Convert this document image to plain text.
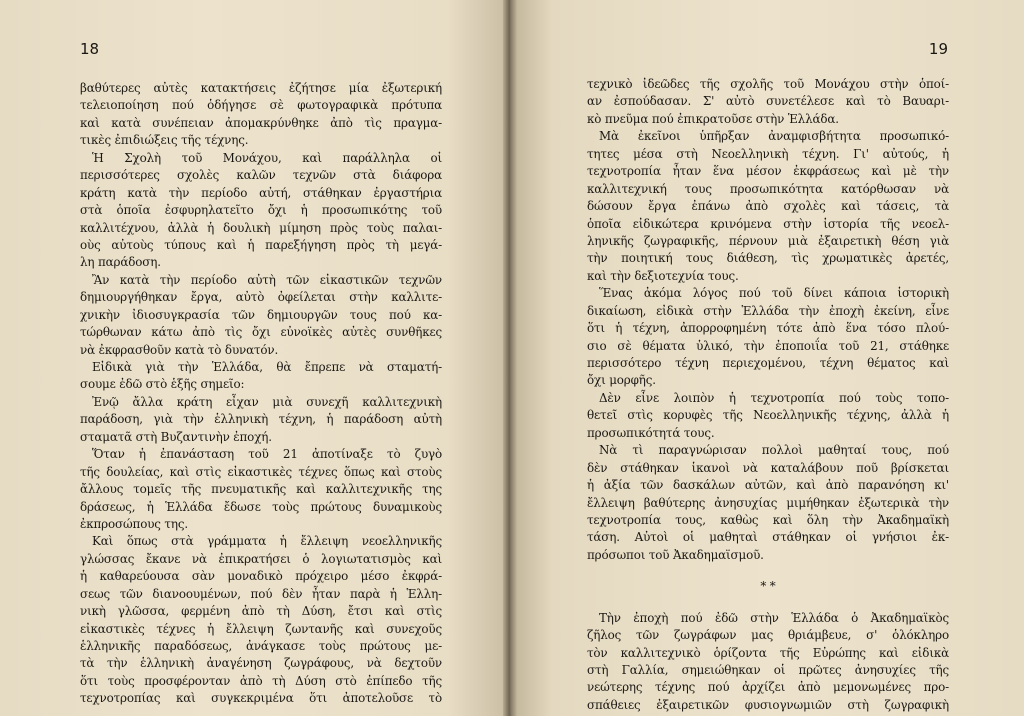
18
βαθύτερες αὐτὲς κατακτήσεις ἐζήτησε μία ἐξωτερική
τελειοποίηση πού ὁδήγησε σὲ φωτογραφικὰ πρότυπα
καὶ κατὰ συνέπειαν ἀπομακρύνθηκε ἀπὸ τὶς πραγμα-
τικὲς ἐπιδιώξεις τῆς τέχνης.
Ἡ Σχολὴ τοῦ Μονάχου, καὶ παράλληλα οἱ
περισσότερες σχολὲς καλῶν τεχνῶν στὰ διάφορα
κράτη κατὰ τὴν περίοδο αὐτή, στάθηκαν ἐργαστήρια
στὰ ὁποῖα ἐσφυρηλατεῖτο ὄχι ἡ προσωπικότης τοῦ
καλλιτέχνου, ἀλλὰ ἡ δουλικὴ μίμηση πρὸς τοὺς παλαι-
οὺς αὐτοὺς τύπους καὶ ἡ παρεξήγηση πρὸς τὴ μεγά-
λη παράδοση.
Ἂν κατὰ τὴν περίοδο αὐτὴ τῶν εἰκαστικῶν τεχνῶν
δημιουργήθηκαν ἔργα, αὐτὸ ὀφείλεται στὴν καλλιτε-
χνικὴν ἰδιοσυγκρασία τῶν δημιουργῶν τους πού κα-
τώρθωναν κάτω ἀπὸ τὶς ὄχι εὐνοϊκὲς αὐτὲς συνθῆκες
νὰ ἐκφρασθοῦν κατὰ τὸ δυνατόν.
Εἰδικὰ γιὰ τὴν Ἑλλάδα, θὰ ἔπρεπε νὰ σταματή-
σουμε ἐδῶ στὸ ἑξῆς σημεῖο:
Ἐνῷ ἄλλα κράτη εἶχαν μιὰ συνεχῆ καλλιτεχνικὴ
παράδοση, γιὰ τὴν ἑλληνικὴ τέχνη, ἡ παράδοση αὐτὴ
σταματᾶ στὴ Βυζαντινὴν ἐποχή.
Ὅταν ἡ ἐπανάσταση τοῦ 21 ἀποτίναξε τὸ ζυγὸ
τῆς δουλείας, καὶ στὶς εἰκαστικὲς τέχνες ὅπως καὶ στοὺς
ἄλλους τομεῖς τῆς πνευματικῆς καὶ καλλιτεχνικῆς της
δράσεως, ἡ Ἑλλάδα ἔδωσε τοὺς πρώτους δυναμικοὺς
ἐκπροσώπους της.
Καὶ ὅπως στὰ γράμματα ἡ ἔλλειψη νεοελληνικῆς
γλώσσας ἔκανε νὰ ἐπικρατήσει ὁ λογιωτατισμὸς καὶ
ἡ καθαρεύουσα σὰν μοναδικὸ πρόχειρο μέσο ἐκφρά-
σεως τῶν διανοουμένων, πού δὲν ἦταν παρὰ ἡ Ἑλλη-
νικὴ γλῶσσα, φερμένη ἀπὸ τὴ Δύση, ἔτσι καὶ στὶς
εἰκαστικὲς τέχνες ἡ ἔλλειψη ζωντανῆς καὶ συνεχοῦς
ἑλληνικῆς παραδόσεως, ἀνάγκασε τοὺς πρώτους με-
τὰ τὴν ἑλληνικὴ ἀναγένηση ζωγράφους, νὰ δεχτοῦν
ὅτι τοὺς προσφέρονταν ἀπὸ τὴ Δύση στὸ ἐπίπεδο τῆς
τεχνοτροπίας καὶ συγκεκριμένα ὅτι ἀποτελοῦσε τὸ
19
τεχνικὸ ἰδεῶδες τῆς σχολῆς τοῦ Μονάχου στὴν ὁποί-
αν ἐσπούδασαν. Σ' αὐτὸ συνετέλεσε καὶ τὸ Βαυαρι-
κὸ πνεῦμα πού ἐπικρατοῦσε στὴν Ἑλλάδα.
Μὰ ἐκεῖνοι ὑπῆρξαν ἀναμφισβήτητα προσωπικό-
τητες μέσα στὴ Νεοελληνικὴ τέχνη. Γι' αὐτούς, ἡ
τεχνοτροπία ἦταν ἕνα μέσον ἐκφράσεως καὶ μὲ τὴν
καλλιτεχνική τους προσωπικότητα κατόρθωσαν νὰ
δώσουν ἔργα ἐπάνω ἀπὸ σχολὲς καὶ τάσεις, τὰ
ὁποῖα εἰδικώτερα κρινόμενα στὴν ἱστορία τῆς νεοελ-
ληνικῆς ζωγραφικῆς, πέρνουν μιὰ ἐξαιρετικὴ θέση γιὰ
τὴν ποιητική τους διάθεση, τὶς χρωματικὲς ἀρετές,
καὶ τὴν δεξιοτεχνία τους.
Ἕνας ἀκόμα λόγος πού τοῦ δίνει κάποια ἱστορικὴ
δικαίωση, εἰδικὰ στὴν Ἑλλάδα τὴν ἐποχὴ ἐκείνη, εἶνε
ὅτι ἡ τέχνη, ἀπορροφημένη τότε ἀπὸ ἕνα τόσο πλού-
σιο σὲ θέματα ὑλικό, τὴν ἐποποιΐα τοῦ 21, στάθηκε
περισσότερο τέχνη περιεχομένου, τέχνη θέματος καὶ
ὄχι μορφῆς.
Δὲν εἶνε λοιπὸν ἡ τεχνοτροπία πού τοὺς τοπο-
θετεῖ στὶς κορυφὲς τῆς Νεοελληνικῆς τέχνης, ἀλλὰ ἡ
προσωπικότητά τους.
Νὰ τὶ παραγνώρισαν πολλοὶ μαθηταί τους, πού
δὲν στάθηκαν ἱκανοὶ νὰ καταλάβουν ποῦ βρίσκεται
ἡ ἀξία τῶν δασκάλων αὐτῶν, καὶ ἀπὸ παρανόηση κι'
ἔλλειψη βαθύτερης ἀνησυχίας μιμήθηκαν ἐξωτερικὰ τὴν
τεχνοτροπία τους, καθὼς καὶ ὅλη τὴν Ἀκαδημαϊκὴ
τάση. Αὐτοὶ οἱ μαθηταὶ στάθηκαν οἱ γνήσιοι ἐκ-
πρόσωποι τοῦ Ἀκαδημαϊσμοῦ.
* *
Τὴν ἐποχὴ πού ἐδῶ στὴν Ἑλλάδα ὁ Ἀκαδημαϊκὸς
ζῆλος τῶν ζωγράφων μας θριάμβευε, σ' ὁλόκληρο
τὸν καλλιτεχνικὸ ὁρίζοντα τῆς Εὐρώπης καὶ εἰδικὰ
στὴ Γαλλία, σημειώθηκαν οἱ πρῶτες ἀνησυχίες τῆς
νεώτερης τέχνης πού ἀρχίζει ἀπὸ μεμονωμένες προ-
σπάθειες ἐξαιρετικῶν φυσιογνωμιῶν στὴ ζωγραφικὴ
